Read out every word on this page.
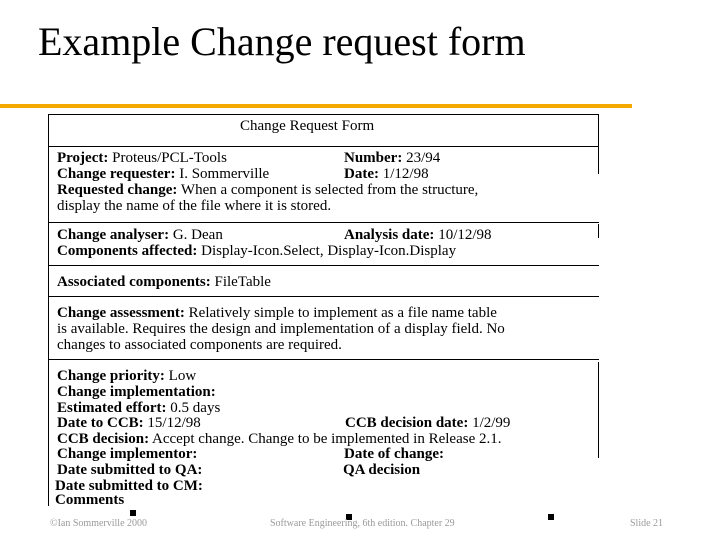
Example Change request form
Change Request Form
Project: Proteus/PCL-Tools	Number: 23/94
Change requester: I. Sommerville	Date: 1/12/98
Requested change: When a component is selected from the structure,
display the name of the file where it is stored.
Change analyser: G. Dean	Analysis date: 10/12/98
Components affected: Display-Icon.Select, Display-Icon.Display
Associated components: FileTable
Change assessment: Relatively simple to implement as a file name table
is available. Requires the design and implementation of a display field. No
changes to associated components are required.
Change priority: Low
Change implementation:
Estimated effort: 0.5 days
Date to CCB: 15/12/98	CCB decision date: 1/2/99
CCB decision: Accept change. Change to be implemented in Release 2.1.
Change implementor:	Date of change:
Date submitted to QA:	QA decision
Date submitted to CM:
Comments
©Ian Sommerville 2000	Software Engineering, 6th edition. Chapter 29	Slide 21
